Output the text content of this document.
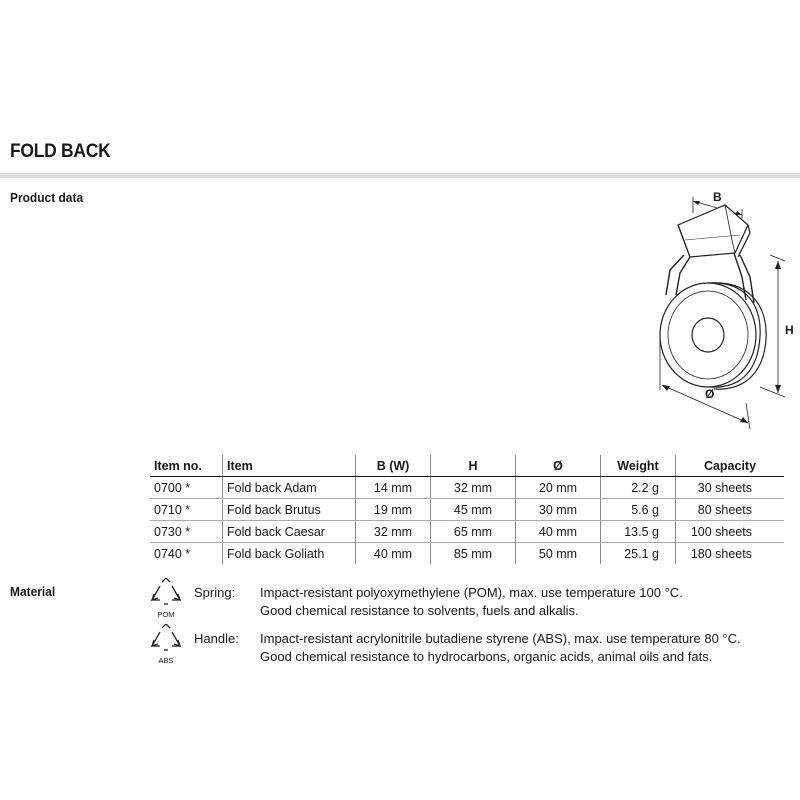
FOLD BACK
Product data	B
H
Ø
Item no.	Item	B (W)	H	Ø	Weight	Capacity
0700 *	Fold back Adam	14 mm	32 mm	20 mm	2.2 g	30 sheets
0710 *	Fold back Brutus	19 mm	45 mm	30 mm	5.6 g	80 sheets
0730 *	Fold back Caesar	32 mm	65 mm	40 mm	13.5 g	100 sheets
0740 *	Fold back Goliath	40 mm	85 mm	50 mm	25.1 g	180 sheets
Material
POM
Spring: Impact-resistant polyoxymethylene (POM), max. use temperature 100 °C.
Good chemical resistance to solvents, fuels and alkalis.
ABS
Handle: Impact-resistant acrylonitrile butadiene styrene (ABS), max. use temperature 80 °C.
Good chemical resistance to hydrocarbons, organic acids, animal oils and fats.
